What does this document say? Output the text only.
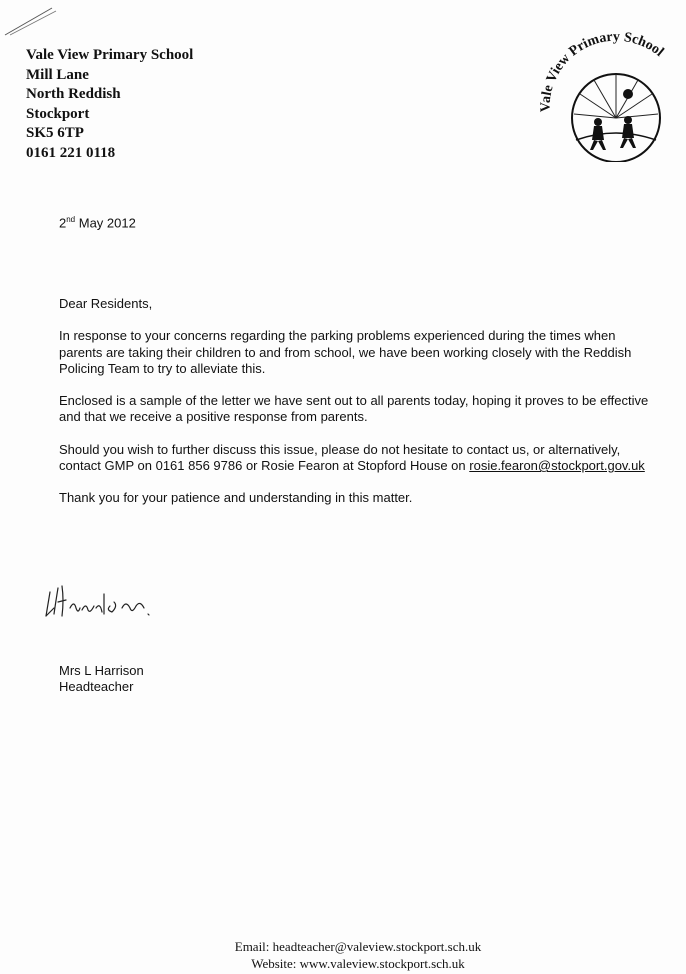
Vale View Primary School
Mill Lane
North Reddish
Stockport
SK5 6TP
0161 221 0118
Vale View Primary School
2nd May 2012

Dear Residents,

In response to your concerns regarding the parking problems experienced during the times when parents are taking their children to and from school, we have been working closely with the Reddish Policing Team to try to alleviate this.

Enclosed is a sample of the letter we have sent out to all parents today, hoping it proves to be effective and that we receive a positive response from parents.

Should you wish to further discuss this issue, please do not hesitate to contact us, or alternatively, contact GMP on 0161 856 9786 or Rosie Fearon at Stopford House on rosie.fearon@stockport.gov.uk

Thank you for your patience and understanding in this matter.

Mrs L Harrison
Headteacher
Email: headteacher@valeview.stockport.sch.uk
Website: www.valeview.stockport.sch.uk
